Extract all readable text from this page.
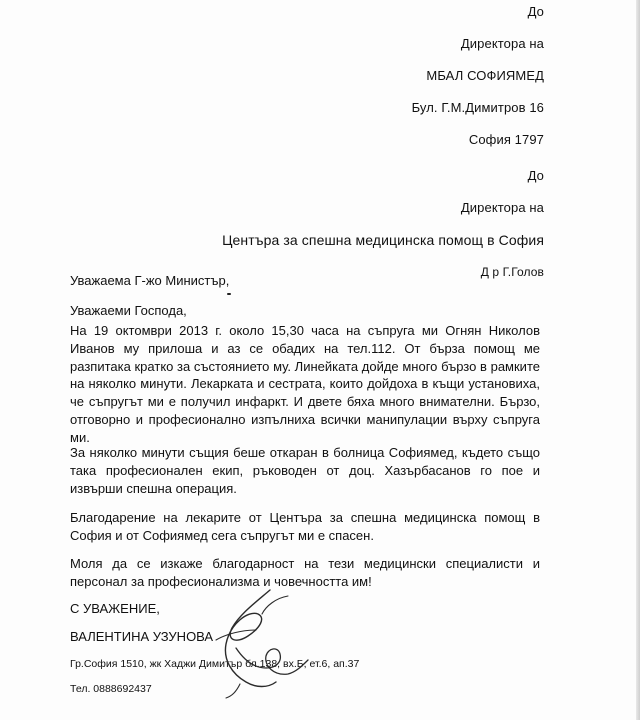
До
Директора на
МБАЛ СОФИЯМЕД
Бул. Г.М.Димитров 16
София 1797
До
Директора на
Центъра за спешна медицинска помощ в София
Д р Г.Голов
Уважаема Г-жо Министър,
Уважаеми Господа,
На 19 октомври 2013 г. около 15,30 часа на съпруга ми Огнян Николов Иванов му прилоша и аз се обадих на тел.112. От бърза помощ ме разпитака кратко за състоянието му. Линейката дойде много бързо в рамките на няколко минути. Лекарката и сестрата, които дойдоха в къщи установиха, че съпругът ми е получил инфаркт. И двете бяха много внимателни. Бързо, отговорно и професионално изпълниха всички манипулации върху съпруга ми.
За няколко минути същия беше откаран в болница Софиямед, където също така професионален екип, ръководен от доц. Хазърбасанов го пое и извърши спешна операция.
Благодарение на лекарите от Центъра за спешна медицинска помощ в София и от Софиямед сега съпругът ми е спасен.
Моля да се изкаже благодарност на тези медицински специалисти и персонал за професионализма и човечността им!
С УВАЖЕНИЕ,
ВАЛЕНТИНА УЗУНОВА
Гр.София 1510, жк Хаджи Димитър бл.138, вх.Б, ет.6, ап.37
Тел. 0888692437
